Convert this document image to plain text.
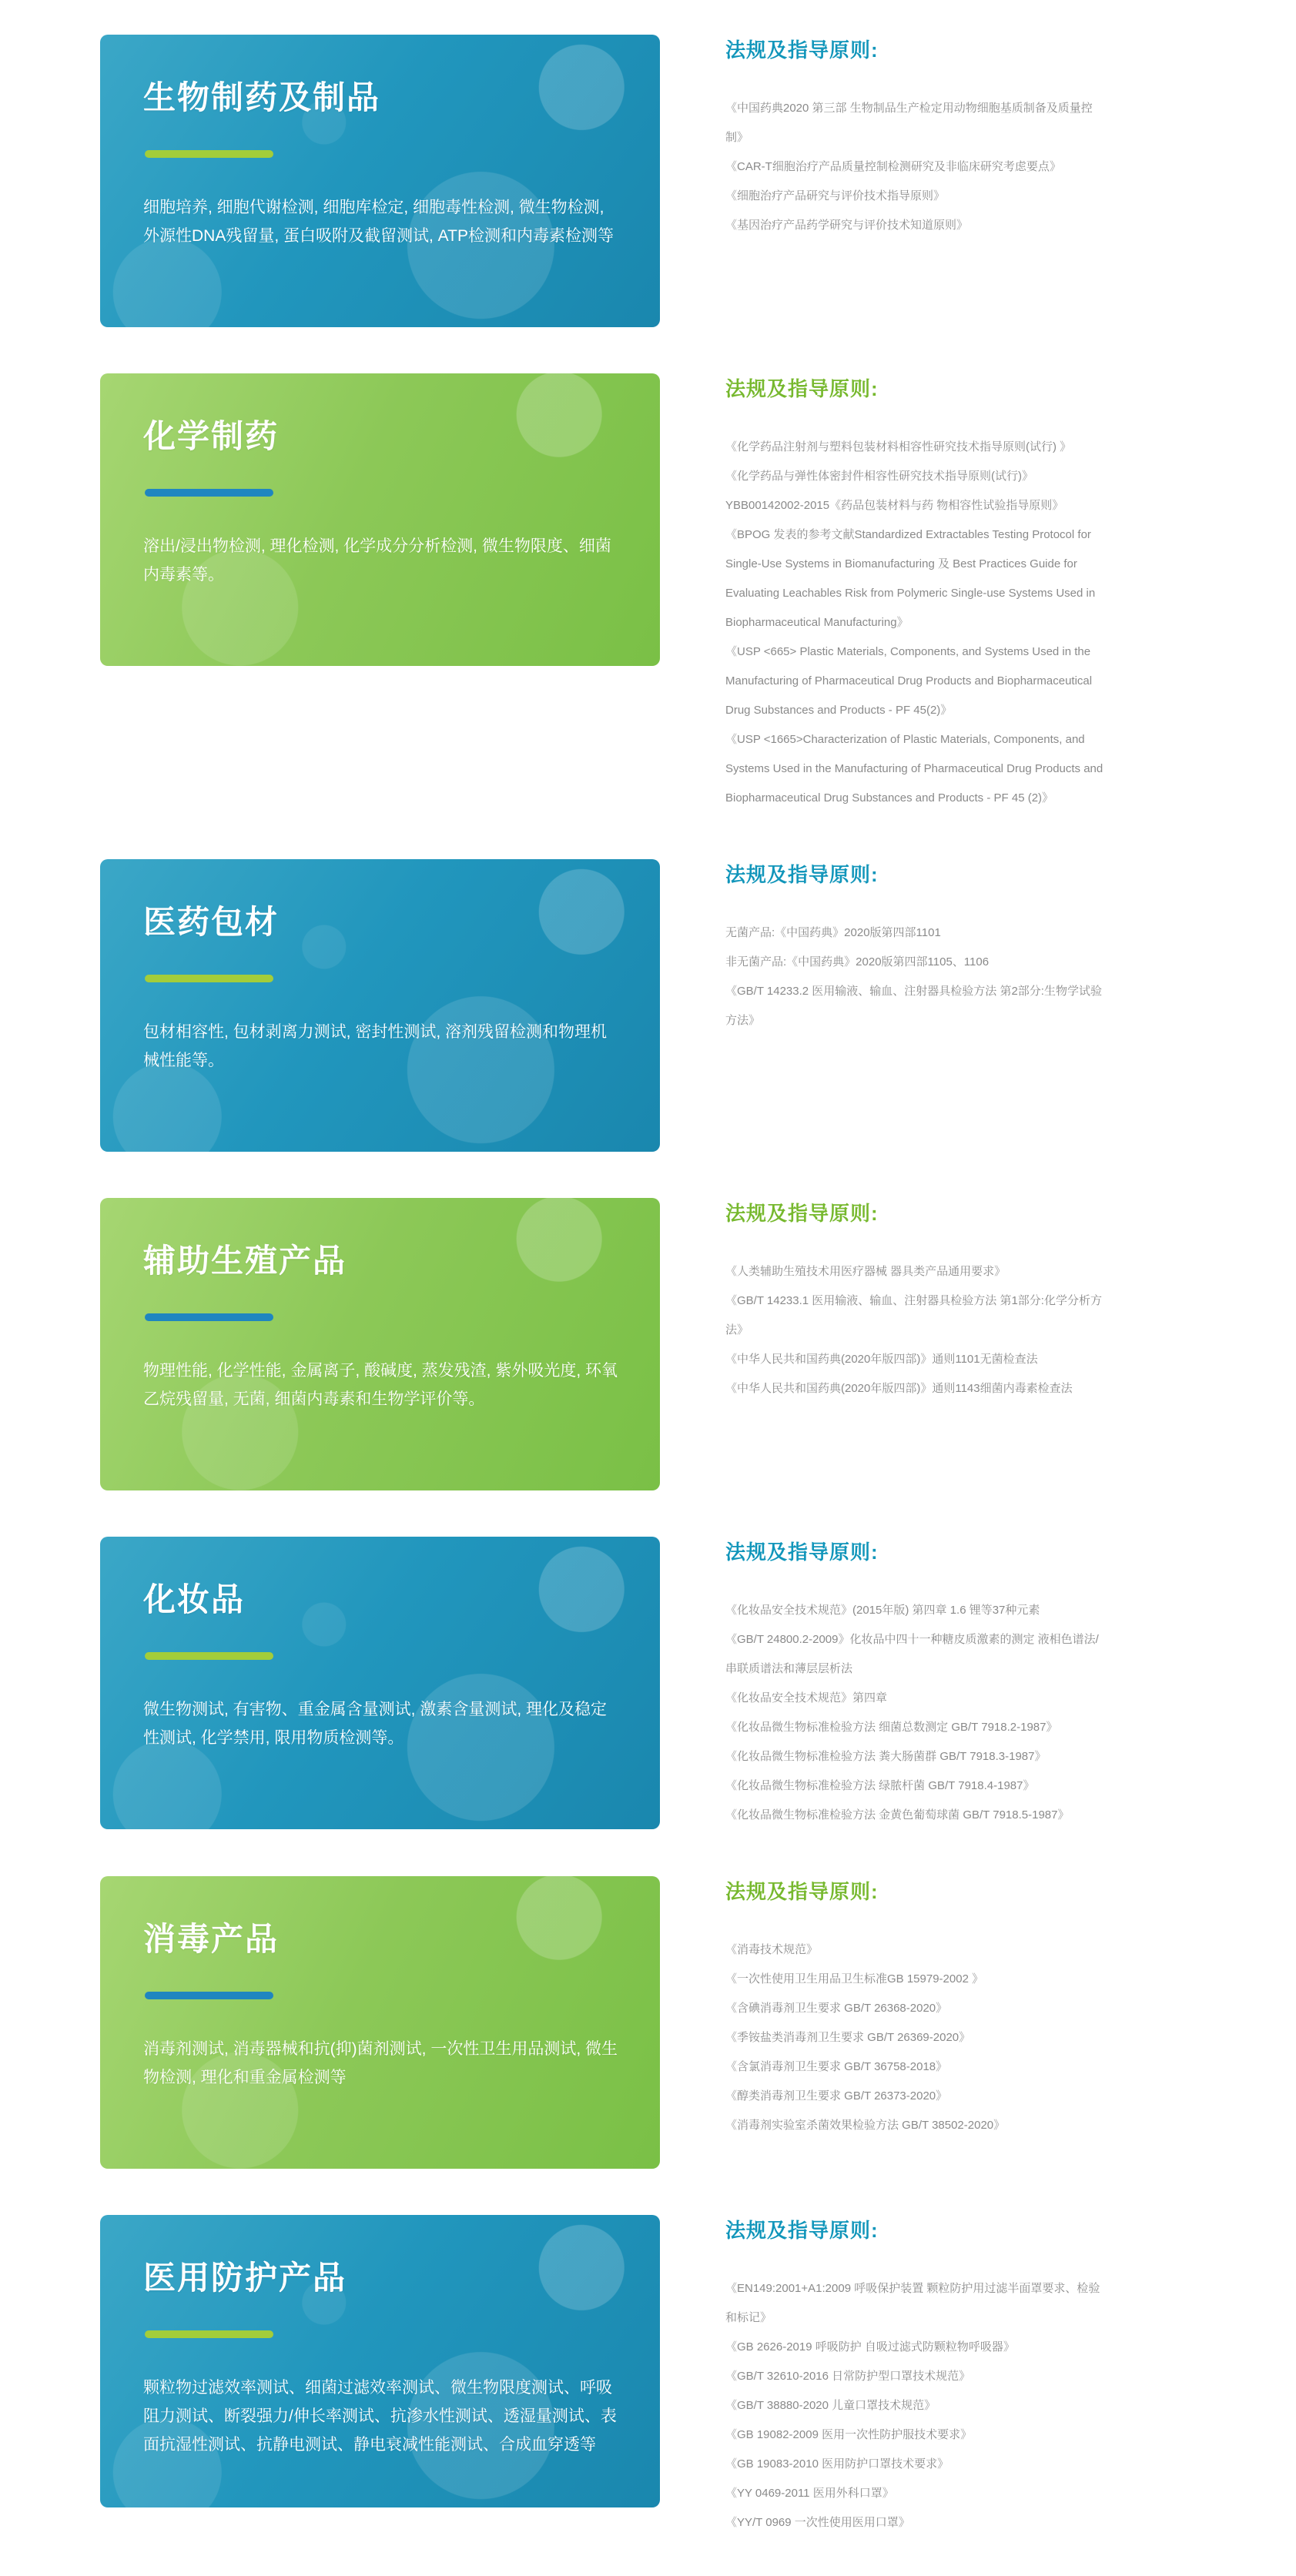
生物制药及制品

细胞培养, 细胞代谢检测, 细胞库检定, 细胞毒性检测, 微生物检测, 外源性DNA残留量, 蛋白吸附及截留测试, ATP检测和内毒素检测等

法规及指导原则:
《中国药典2020 第三部 生物制品生产检定用动物细胞基质制备及质量控制》
《CAR-T细胞治疗产品质量控制检测研究及非临床研究考虑要点》
《细胞治疗产品研究与评价技术指导原则》
《基因治疗产品药学研究与评价技术知道原则》
化学制药

溶出/浸出物检测, 理化检测, 化学成分分析检测, 微生物限度、细菌内毒素等。

法规及指导原则:
《化学药品注射剂与塑料包装材料相容性研究技术指导原则(试行) 》
《化学药品与弹性体密封件相容性研究技术指导原则(试行)》
YBB00142002-2015《药品包装材料与药 物相容性试验指导原则》
《BPOG 发表的参考文献Standardized Extractables Testing Protocol for Single-Use Systems in Biomanufacturing 及 Best Practices Guide for Evaluating Leachables Risk from Polymeric Single-use Systems Used in Biopharmaceutical Manufacturing》
《USP <665> Plastic Materials, Components, and Systems Used in the Manufacturing of Pharmaceutical Drug Products and Biopharmaceutical Drug Substances and Products - PF 45(2)》
《USP <1665>Characterization of Plastic Materials, Components, and Systems Used in the Manufacturing of Pharmaceutical Drug Products and Biopharmaceutical Drug Substances and Products - PF 45 (2)》
医药包材

包材相容性, 包材剥离力测试, 密封性测试, 溶剂残留检测和物理机械性能等。

法规及指导原则:
无菌产品:《中国药典》2020版第四部1101
非无菌产品:《中国药典》2020版第四部1105、1106
《GB/T 14233.2 医用输液、输血、注射器具检验方法 第2部分:生物学试验方法》
辅助生殖产品

物理性能, 化学性能, 金属离子, 酸碱度, 蒸发残渣, 紫外吸光度, 环氧乙烷残留量, 无菌, 细菌内毒素和生物学评价等。

法规及指导原则:
《人类辅助生殖技术用医疗器械 器具类产品通用要求》
《GB/T 14233.1 医用输液、输血、注射器具检验方法 第1部分:化学分析方法》
《中华人民共和国药典(2020年版四部)》通则1101无菌检查法
《中华人民共和国药典(2020年版四部)》通则1143细菌内毒素检查法
化妆品

微生物测试, 有害物、重金属含量测试, 激素含量测试, 理化及稳定性测试, 化学禁用, 限用物质检测等。

法规及指导原则:
《化妆品安全技术规范》(2015年版) 第四章 1.6 锂等37种元素
《GB/T 24800.2-2009》化妆品中四十一种糖皮质激素的测定 液相色谱法/串联质谱法和薄层层析法
《化妆品安全技术规范》第四章
《化妆品微生物标准检验方法 细菌总数测定 GB/T 7918.2-1987》
《化妆品微生物标准检验方法 粪大肠菌群 GB/T 7918.3-1987》
《化妆品微生物标准检验方法 绿脓杆菌 GB/T 7918.4-1987》
《化妆品微生物标准检验方法 金黄色葡萄球菌 GB/T 7918.5-1987》
消毒产品

消毒剂测试, 消毒器械和抗(抑)菌剂测试, 一次性卫生用品测试, 微生物检测, 理化和重金属检测等

法规及指导原则:
《消毒技术规范》
《一次性使用卫生用品卫生标准GB 15979-2002 》
《含碘消毒剂卫生要求 GB/T 26368-2020》
《季铵盐类消毒剂卫生要求 GB/T 26369-2020》
《含氯消毒剂卫生要求 GB/T 36758-2018》
《醇类消毒剂卫生要求 GB/T 26373-2020》
《消毒剂实验室杀菌效果检验方法 GB/T 38502-2020》
医用防护产品

颗粒物过滤效率测试、细菌过滤效率测试、微生物限度测试、呼吸阻力测试、断裂强力/伸长率测试、抗渗水性测试、透湿量测试、表面抗湿性测试、抗静电测试、静电衰减性能测试、合成血穿透等

法规及指导原则:
《EN149:2001+A1:2009 呼吸保护装置 颗粒防护用过滤半面罩要求、检验和标记》
《GB 2626-2019 呼吸防护 自吸过滤式防颗粒物呼吸器》
《GB/T 32610-2016 日常防护型口罩技术规范》
《GB/T 38880-2020 儿童口罩技术规范》
《GB 19082-2009 医用一次性防护服技术要求》
《GB 19083-2010 医用防护口罩技术要求》
《YY 0469-2011 医用外科口罩》
《YY/T 0969 一次性使用医用口罩》
